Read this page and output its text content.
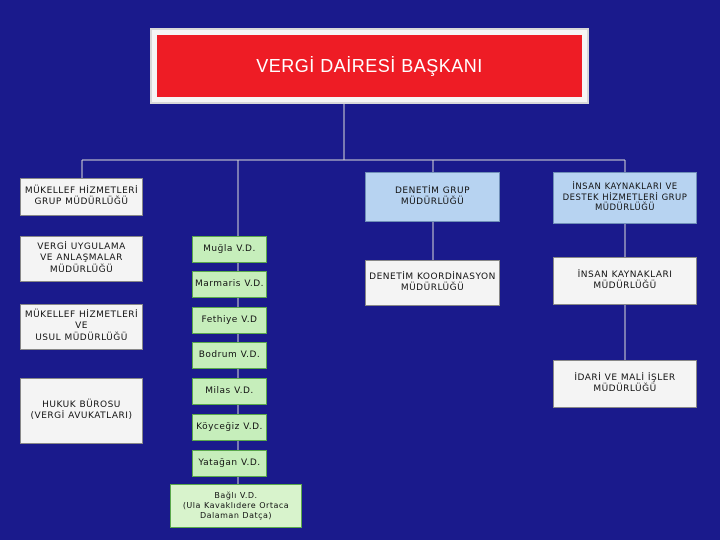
VERGİ DAİRESİ BAŞKANI
MÜKELLEF HİZMETLERİ
GRUP MÜDÜRLÜĞÜ
VERGİ UYGULAMA
VE ANLAŞMALAR
MÜDÜRLÜĞÜ
MÜKELLEF HİZMETLERİ
VE
USUL MÜDÜRLÜĞÜ
HUKUK BÜROSU
(VERGİ AVUKATLARI)
Muğla V.D.
Marmaris V.D.
Fethiye V.D
Bodrum V.D.
Milas V.D.
Köyceğiz V.D.
Yatağan V.D.
Bağlı V.D.
(Ula Kavaklıdere Ortaca
Dalaman Datça)
DENETİM GRUP
MÜDÜRLÜĞÜ
DENETİM KOORDİNASYON
MÜDÜRLÜĞÜ
İNSAN KAYNAKLARI VE
DESTEK HİZMETLERİ GRUP
MÜDÜRLÜĞÜ
İNSAN KAYNAKLARI
MÜDÜRLÜĞÜ
İDARİ VE MALİ İŞLER
MÜDÜRLÜĞÜ
